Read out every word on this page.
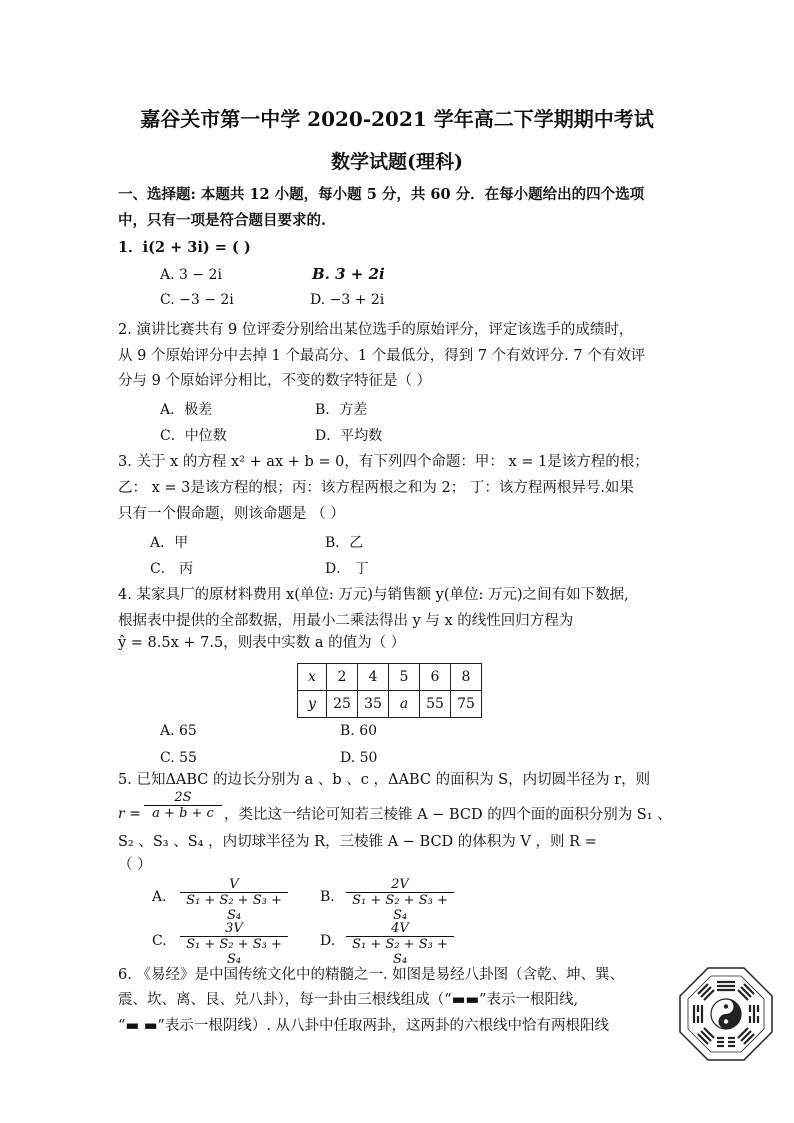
嘉谷关市第一中学 2020-2021 学年高二下学期期中考试
数学试题(理科)
一、选择题: 本题共 12 小题，每小题 5 分，共 60 分．在每小题给出的四个选项
中，只有一项是符合题目要求的.
1．i(2 + 3i) = ( )
A. 3 − 2i	B. 3 + 2i
C. −3 − 2i	D. −3 + 2i
2. 演讲比赛共有 9 位评委分别给出某位选手的原始评分，评定该选手的成绩时，
从 9 个原始评分中去掉 1 个最高分、1 个最低分，得到 7 个有效评分. 7 个有效评
分与 9 个原始评分相比，不变的数字特征是（ ）
A．极差	B．方差
C．中位数	D．平均数
3. 关于 x 的方程 x² + ax + b = 0，有下列四个命题：甲： x = 1是该方程的根；
乙： x = 3是该方程的根；丙：该方程两根之和为 2； 丁：该方程两根异号.如果
只有一个假命题，则该命题是 （ ）
A．甲	B．乙
C． 丙	D． 丁
4. 某家具厂的原材料费用 x(单位: 万元)与销售额 y(单位: 万元)之间有如下数据,
根据表中提供的全部数据，用最小二乘法得出 y 与 x 的线性回归方程为
ŷ = 8.5x + 7.5，则表中实数 a 的值为（ ）
x	2	4	5	6	8
y	25	35	a	55	75
A. 65	B. 60
C. 55	D. 50
5. 已知ΔABC 的边长分别为 a 、b 、c ，ΔABC 的面积为 S，内切圆半径为 r，则
$r = \frac{2S}{a + b + c}$ ，类比这一结论可知若三棱锥 A − BCD 的四个面的面积分别为 S₁ 、
S₂ 、S₃ 、S₄ ，内切球半径为 R，三棱锥 A − BCD 的体积为 V ，则 R =
（ ）
A. $\frac{V}{\text{S₁ + S₂ + S₃ + S₄}} B$. $\frac{2V}{\text{S₁ + S₂ + S₃ + S₄}}$
C. $\frac{3V}{\text{S₁ + S₂ + S₃ + S₄}} D$. $\frac{4V}{\text{S₁ + S₂ + S₃ + S₄}}$
6. 《易经》是中国传统文化中的精髓之一. 如图是易经八卦图（含乾、坤、巽、
震、坎、离、艮、兑八卦），每一卦由三根线组成（“▬▬”表示一根阳线,
“▬ ▬”表示一根阴线）. 从八卦中任取两卦，这两卦的六根线中恰有两根阳线
